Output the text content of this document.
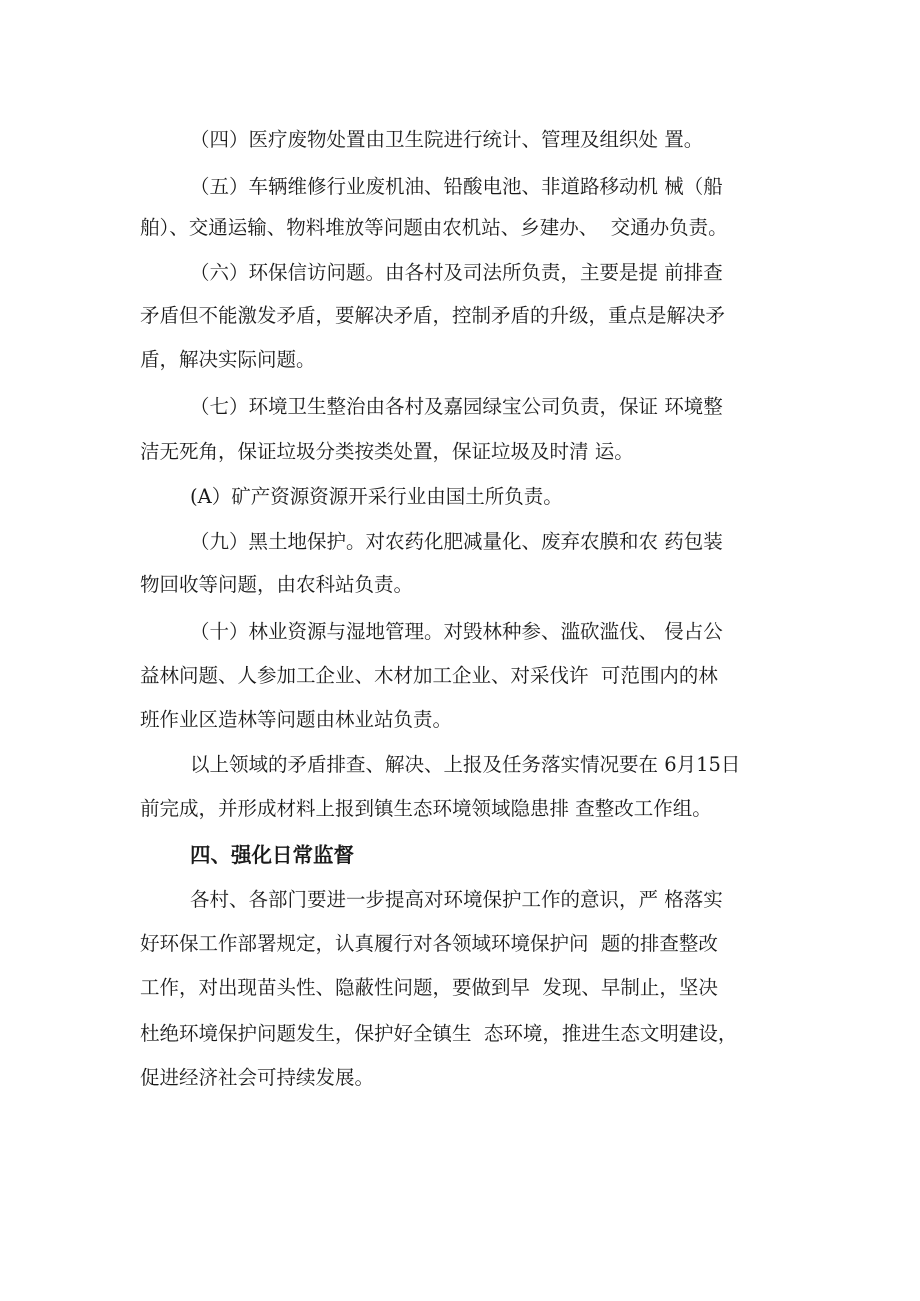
（四）医疗废物处置由卫生院进行统计、管理及组织处 置。
（五）车辆维修行业废机油、铅酸电池、非道路移动机 械（船
舶）、交通运输、物料堆放等问题由农机站、乡建办、  交通办负责。
（六）环保信访问题。由各村及司法所负责，主要是提 前排查
矛盾但不能激发矛盾，要解决矛盾，控制矛盾的升级，重点是解决矛
盾，解决实际问题。
（七）环境卫生整治由各村及嘉园绿宝公司负责，保证 环境整
洁无死角，保证垃圾分类按类处置，保证垃圾及时清 运。
(A）矿产资源资源开采行业由国土所负责。
（九）黑土地保护。对农药化肥减量化、废弃农膜和农 药包装
物回收等问题，由农科站负责。
（十）林业资源与湿地管理。对毁林种参、滥砍滥伐、 侵占公
益林问题、人参加工企业、木材加工企业、对采伐许  可范围内的林
班作业区造林等问题由林业站负责。
以上领域的矛盾排查、解决、上报及任务落实情况要在 6月15日
前完成，并形成材料上报到镇生态环境领域隐患排 查整改工作组。
四、强化日常监督
各村、各部门要进一步提高对环境保护工作的意识，严 格落实
好环保工作部署规定，认真履行对各领域环境保护问  题的排查整改
工作，对出现苗头性、隐蔽性问题，要做到早  发现、早制止，坚决
杜绝环境保护问题发生，保护好全镇生  态环境，推进生态文明建设，
促进经济社会可持续发展。
